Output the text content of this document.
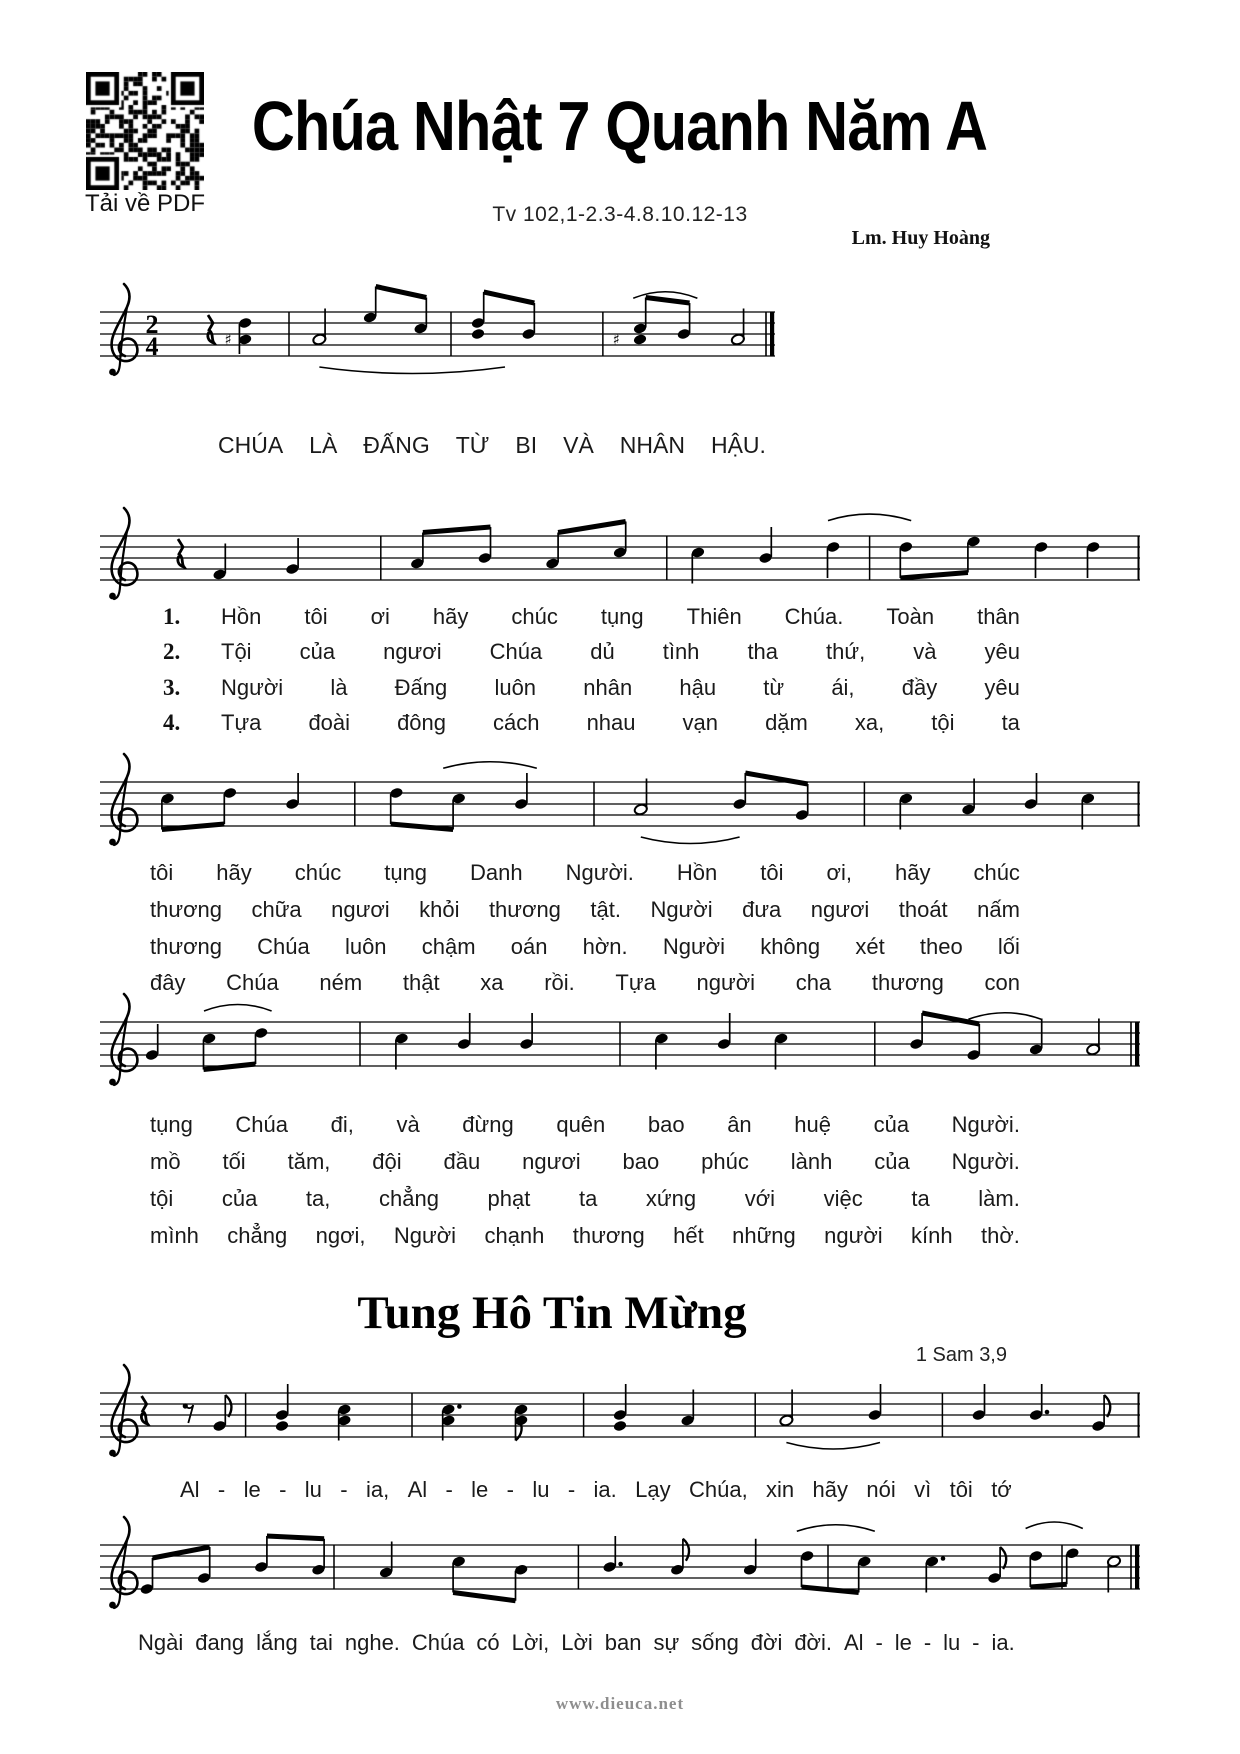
Tải về PDF
Chúa Nhật 7 Quanh Năm A
Tv 102,1-2.3-4.8.10.12-13
Lm. Huy Hoàng
2
4	♯	♯
CHÚA LÀ ĐẤNG TỪ BI VÀ NHÂN HẬU.
1.	Hồn tôi ơi hãy chúc tụng Thiên Chúa. Toàn thân
2.	Tội của ngươi Chúa dủ tình tha thứ, và yêu
3.	Người là Đấng luôn nhân hậu từ ái, đầy yêu
4.	Tựa đoài đông cách nhau vạn dặm xa, tội ta
tôi hãy chúc tụng Danh Người. Hồn tôi ơi, hãy chúc
thương chữa ngươi khỏi thương tật. Người đưa ngươi thoát nấm
thương Chúa luôn chậm oán hờn. Người không xét theo lối
đây Chúa ném thật xa rồi. Tựa người cha thương con
tụng Chúa đi, và đừng quên bao ân huệ của Người.
mồ tối tăm, đội đầu ngươi bao phúc lành của Người.
tội của ta, chẳng phạt ta xứng với việc ta làm.
mình chẳng ngơi, Người chạnh thương hết những người kính thờ.
Tung Hô Tin Mừng
1 Sam 3,9
Al - le - lu - ia, Al - le - lu - ia. Lạy Chúa, xin hãy nói vì tôi tớ
Ngài đang lắng tai nghe. Chúa có Lời, Lời ban sự sống đời đời. Al - le - lu - ia.
www.dieuca.net
